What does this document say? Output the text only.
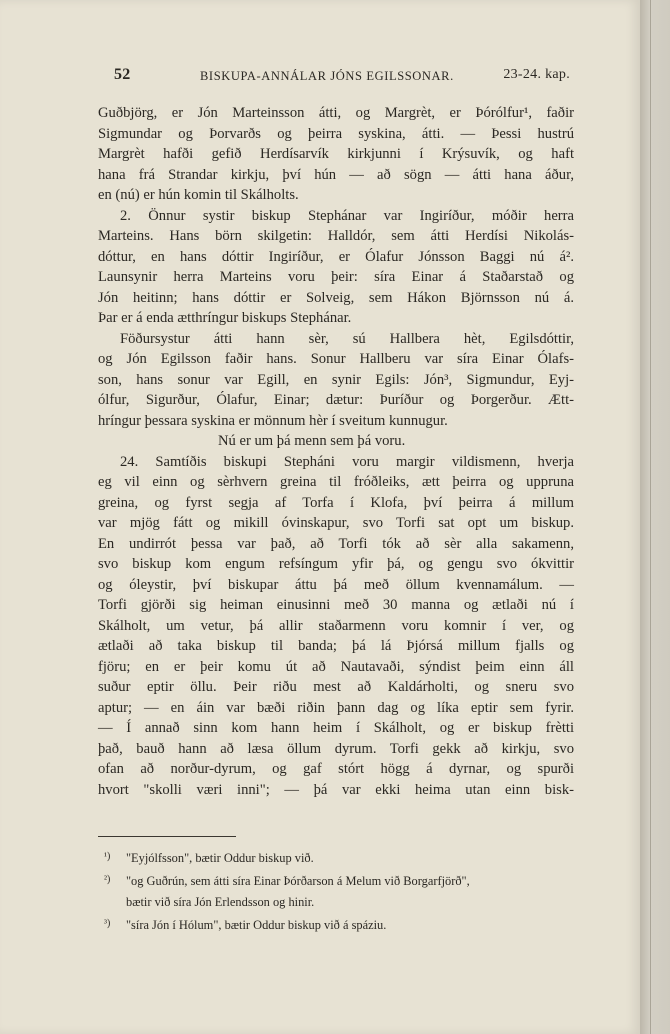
52	BISKUPA-ANNÁLAR JÓNS EGILSSONAR.	23-24. kap.
Guðbjörg, er Jón Marteinsson átti, og Margrèt, er Þórólfur¹, faðir
Sigmundar og Þorvarðs og þeirra syskina, átti. — Þessi hustrú
Margrèt hafði gefið Herdísarvík kirkjunni í Krýsuvík, og haft
hana frá Strandar kirkju, því hún — að sögn — átti hana áður,
en (nú) er hún komin til Skálholts.
2. Önnur systir biskup Stephánar var Ingiríður, móðir herra
Marteins. Hans börn skilgetin: Halldór, sem átti Herdísi Nikolás-
dóttur, en hans dóttir Ingiríður, er Ólafur Jónsson Baggi nú á².
Launsynir herra Marteins voru þeir: síra Einar á Staðarstað og
Jón heitinn; hans dóttir er Solveig, sem Hákon Björnsson nú á.
Þar er á enda ætthríngur biskups Stephánar.
Föðursystur átti hann sèr, sú Hallbera hèt, Egilsdóttir,
og Jón Egilsson faðir hans. Sonur Hallberu var síra Einar Ólafs-
son, hans sonur var Egill, en synir Egils: Jón³, Sigmundur, Eyj-
ólfur, Sigurður, Ólafur, Einar; dætur: Þuríður og Þorgerður. Ætt-
hríngur þessara syskina er mönnum hèr í sveitum kunnugur.
Nú er um þá menn sem þá voru.
24. Samtíðis biskupi Stepháni voru margir vildismenn, hverja
eg vil einn og sèrhvern greina til fróðleiks, ætt þeirra og uppruna
greina, og fyrst segja af Torfa í Klofa, því þeirra á millum
var mjög fátt og mikill óvinskapur, svo Torfi sat opt um biskup.
En undirrót þessa var það, að Torfi tók að sèr alla sakamenn,
svo biskup kom engum refsíngum yfir þá, og gengu svo ókvittir
og óleystir, því biskupar áttu þá með öllum kvennamálum. —
Torfi gjörði sig heiman einusinni með 30 manna og ætlaði nú í
Skálholt, um vetur, þá allir staðarmenn voru komnir í ver, og
ætlaði að taka biskup til banda; þá lá Þjórsá millum fjalls og
fjöru; en er þeir komu út að Nautavaði, sýndist þeim einn áll
suður eptir öllu. Þeir riðu mest að Kaldárholti, og sneru svo
aptur; — en áin var bæði riðin þann dag og líka eptir sem fyrir.
— Í annað sinn kom hann heim í Skálholt, og er biskup frètti
það, bauð hann að læsa öllum dyrum. Torfi gekk að kirkju, svo
ofan að norður-dyrum, og gaf stórt högg á dyrnar, og spurði
hvort "skolli væri inni"; — þá var ekki heima utan einn bisk-
¹) "Eyjólfsson", bætir Oddur biskup við.
²) "og Guðrún, sem átti síra Einar Þórðarson á Melum við Borgarfjörð",
bætir við síra Jón Erlendsson og hinir.
³) "síra Jón í Hólum", bætir Oddur biskup við á spáziu.
